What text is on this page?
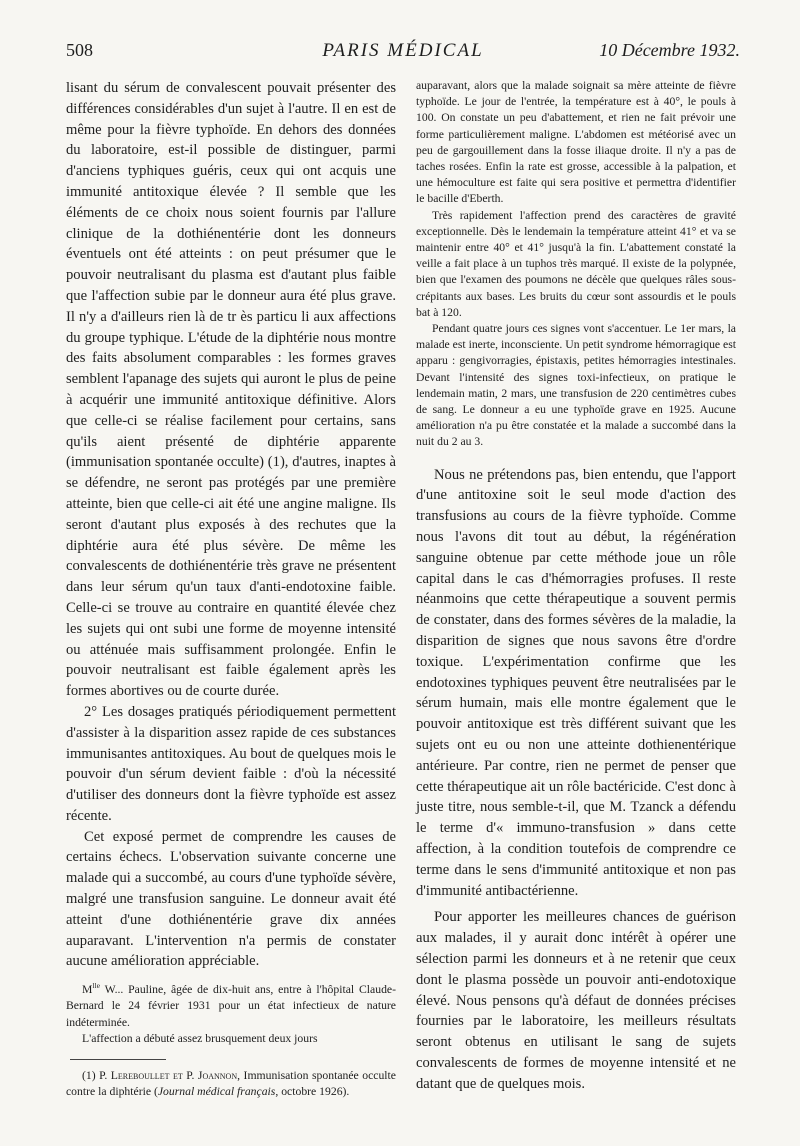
508	PARIS MÉDICAL	10 Décembre 1932.

lisant du sérum de convalescent pouvait présenter des différences considérables d'un sujet à l'autre. Il en est de même pour la fièvre typhoïde. En dehors des données du laboratoire, est-il possible de distinguer, parmi d'anciens typhiques guéris, ceux qui ont acquis une immunité antitoxique élevée ? Il semble que les éléments de ce choix nous soient fournis par l'allure clinique de la dothiénentérie dont les donneurs éventuels ont été atteints : on peut présumer que le pouvoir neutralisant du plasma est d'autant plus faible que l'affection subie par le donneur aura été plus grave. Il n'y a d'ailleurs rien là de tr ès particu li aux affections du groupe typhique. L'étude de la diphtérie nous montre des faits absolument comparables : les formes graves semblent l'apanage des sujets qui auront le plus de peine à acquérir une immunité antitoxique définitive. Alors que celle-ci se réalise facilement pour certains, sans qu'ils aient présenté de diphtérie apparente (immunisation spontanée occulte) (1), d'autres, inaptes à se défendre, ne seront pas protégés par une première atteinte, bien que celle-ci ait été une angine maligne. Ils seront d'autant plus exposés à des rechutes que la diphtérie aura été plus sévère. De même les convalescents de dothiénentérie très grave ne présentent dans leur sérum qu'un taux d'anti-endotoxine faible. Celle-ci se trouve au contraire en quantité élevée chez les sujets qui ont subi une forme de moyenne intensité ou atténuée mais suffisamment prolongée. Enfin le pouvoir neutralisant est faible également après les formes abortives ou de courte durée.

2° Les dosages pratiqués périodiquement permettent d'assister à la disparition assez rapide de ces substances immunisantes antitoxiques. Au bout de quelques mois le pouvoir d'un sérum devient faible : d'où la nécessité d'utiliser des donneurs dont la fièvre typhoïde est assez récente.

Cet exposé permet de comprendre les causes de certains échecs. L'observation suivante concerne une malade qui a succombé, au cours d'une typhoïde sévère, malgré une transfusion sanguine. Le donneur avait été atteint d'une dothiénentérie grave dix années auparavant. L'intervention n'a permis de constater aucune amélioration appréciable.

$M^{lle}$ W... Pauline, âgée de dix-huit ans, entre à l'hôpital Claude-Bernard le 24 février 1931 pour un état infectieux de nature indéterminée.

L'affection a débuté assez brusquement deux jours

(1) P. Lereboullet et P. Joannon, Immunisation spontanée occulte contre la diphtérie (Journal médical français, octobre 1926).

auparavant, alors que la malade soignait sa mère atteinte de fièvre typhoïde. Le jour de l'entrée, la température est à 40°, le pouls à 100. On constate un peu d'abattement, et rien ne fait prévoir une forme particulièrement maligne. L'abdomen est météorisé avec un peu de gargouillement dans la fosse iliaque droite. Il n'y a pas de taches rosées. Enfin la rate est grosse, accessible à la palpation, et une hémoculture est faite qui sera positive et permettra d'identifier le bacille d'Eberth.

Très rapidement l'affection prend des caractères de gravité exceptionnelle. Dès le lendemain la température atteint 41° et va se maintenir entre 40° et 41° jusqu'à la fin. L'abattement constaté la veille a fait place à un tuphos très marqué. Il existe de la polypnée, bien que l'examen des poumons ne décèle que quelques râles sous-crépitants aux bases. Les bruits du cœur sont assourdis et le pouls bat à 120.

Pendant quatre jours ces signes vont s'accentuer. Le 1er mars, la malade est inerte, inconsciente. Un petit syndrome hémorragique est apparu : gengivorragies, épistaxis, petites hémorragies intestinales. Devant l'intensité des signes toxi-infectieux, on pratique le lendemain matin, 2 mars, une transfusion de 220 centimètres cubes de sang. Le donneur a eu une typhoïde grave en 1925. Aucune amélioration n'a pu être constatée et la malade a succombé dans la nuit du 2 au 3.

Nous ne prétendons pas, bien entendu, que l'apport d'une antitoxine soit le seul mode d'action des transfusions au cours de la fièvre typhoïde. Comme nous l'avons dit tout au début, la régénération sanguine obtenue par cette méthode joue un rôle capital dans le cas d'hémorragies profuses. Il reste néanmoins que cette thérapeutique a souvent permis de constater, dans des formes sévères de la maladie, la disparition de signes que nous savons être d'ordre toxique. L'expérimentation confirme que les endotoxines typhiques peuvent être neutralisées par le sérum humain, mais elle montre également que le pouvoir antitoxique est très différent suivant que les sujets ont eu ou non une atteinte dothienentérique antérieure. Par contre, rien ne permet de penser que cette thérapeutique ait un rôle bactéricide. C'est donc à juste titre, nous semble-t-il, que M. Tzanck a défendu le terme d'« immuno-transfusion » dans cette affection, à la condition toutefois de comprendre ce terme dans le sens d'immunité antitoxique et non pas d'immunité antibactérienne.

Pour apporter les meilleures chances de guérison aux malades, il y aurait donc intérêt à opérer une sélection parmi les donneurs et à ne retenir que ceux dont le plasma possède un pouvoir anti-endotoxique élevé. Nous pensons qu'à défaut de données précises fournies par le laboratoire, les meilleurs résultats seront obtenus en utilisant le sang de sujets convalescents de formes de moyenne intensité et ne datant que de quelques mois.
